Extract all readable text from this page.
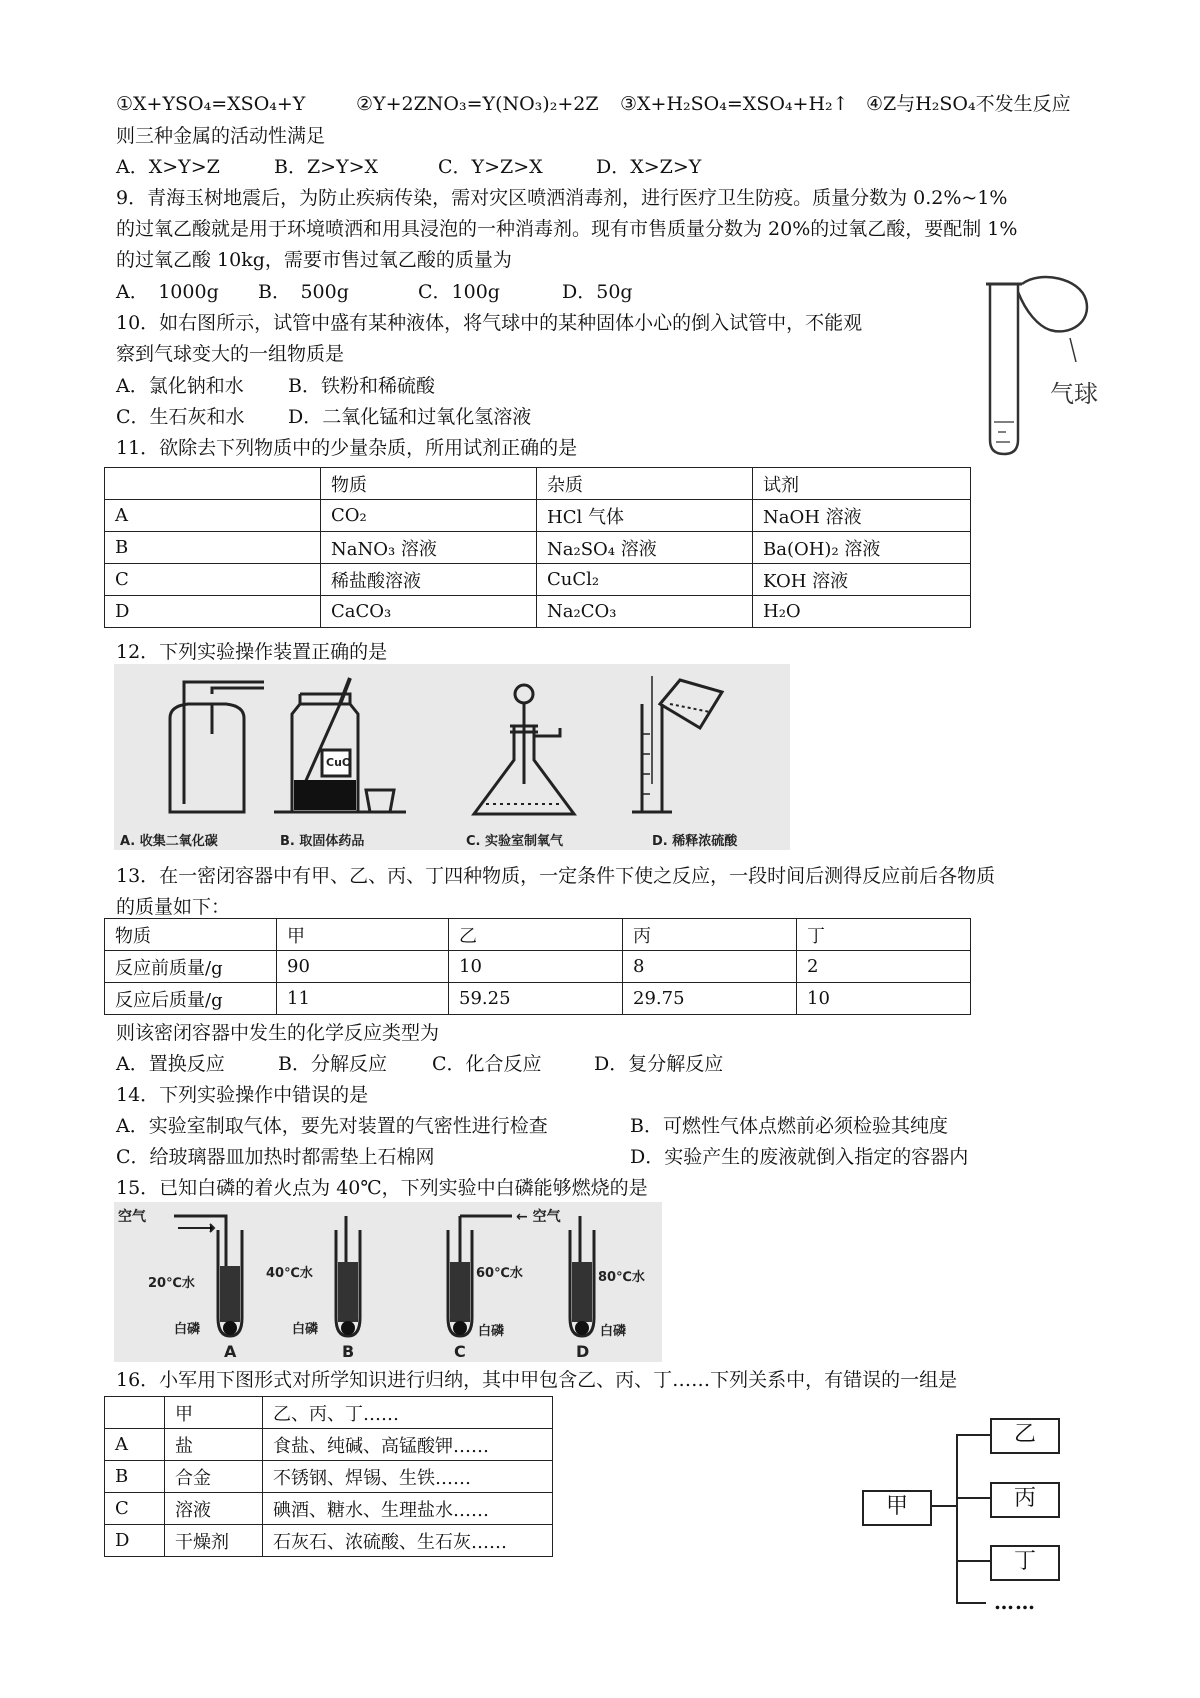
①X+YSO₄=XSO₄+Y	②Y+2ZNO₃=Y(NO₃)₂+2Z ③X+H₂SO₄=XSO₄+H₂↑ ④Z与H₂SO₄不发生反应
则三种金属的活动性满足
A．X>Y>Z	B．Z>Y>X	C．Y>Z>X	D．X>Z>Y
9．青海玉树地震后，为防止疾病传染，需对灾区喷洒消毒剂，进行医疗卫生防疫。质量分数为 0.2%~1%
的过氧乙酸就是用于环境喷洒和用具浸泡的一种消毒剂。现有市售质量分数为 20%的过氧乙酸，要配制 1%
的过氧乙酸 10kg，需要市售过氧乙酸的质量为
A．　1000g B．　500g	C．100g	D．50g
10．如右图所示，试管中盛有某种液体，将气球中的某种固体小心的倒入试管中，不能观
察到气球变大的一组物质是
A．氯化钠和水 B．铁粉和稀硫酸
C．生石灰和水 D．二氧化锰和过氧化氢溶液
气球
11．欲除去下列物质中的少量杂质，所用试剂正确的是
	物质	杂质	试剂
A	CO₂	HCl 气体	NaOH 溶液
B	NaNO₃ 溶液	Na₂SO₄ 溶液	Ba(OH)₂ 溶液
C	稀盐酸溶液	CuCl₂	KOH 溶液
D	CaCO₃	Na₂CO₃	H₂O
12．下列实验操作装置正确的是
CuO
A. 收集二氧化碳	B. 取固体药品	C. 实验室制氧气	D. 稀释浓硫酸
13．在一密闭容器中有甲、乙、丙、丁四种物质，一定条件下使之反应，一段时间后测得反应前后各物质
的质量如下：
物质	甲	乙	丙	丁
反应前质量/g	90	10	8	2
反应后质量/g	11	59.25	29.75	10
则该密闭容器中发生的化学反应类型为
A．置换反应	B．分解反应 C．化合反应	D．复分解反应
14．下列实验操作中错误的是
A．实验室制取气体，要先对装置的气密性进行检查	B．可燃性气体点燃前必须检验其纯度
C．给玻璃器皿加热时都需垫上石棉网	D．实验产生的废液就倒入指定的容器内
15．已知白磷的着火点为 40℃，下列实验中白磷能够燃烧的是
空气	← 空气
20℃水
40℃水	60℃水	80℃水
白磷	白磷	白磷	白磷
A	B	C	D
16．小军用下图形式对所学知识进行归纳，其中甲包含乙、丙、丁……下列关系中，有错误的一组是
	甲	乙、丙、丁……
A	盐	食盐、纯碱、高锰酸钾……
B	合金	不锈钢、焊锡、生铁……
C	溶液	碘酒、糖水、生理盐水……
D	干燥剂	石灰石、浓硫酸、生石灰……
甲
乙
丙
丁
……
